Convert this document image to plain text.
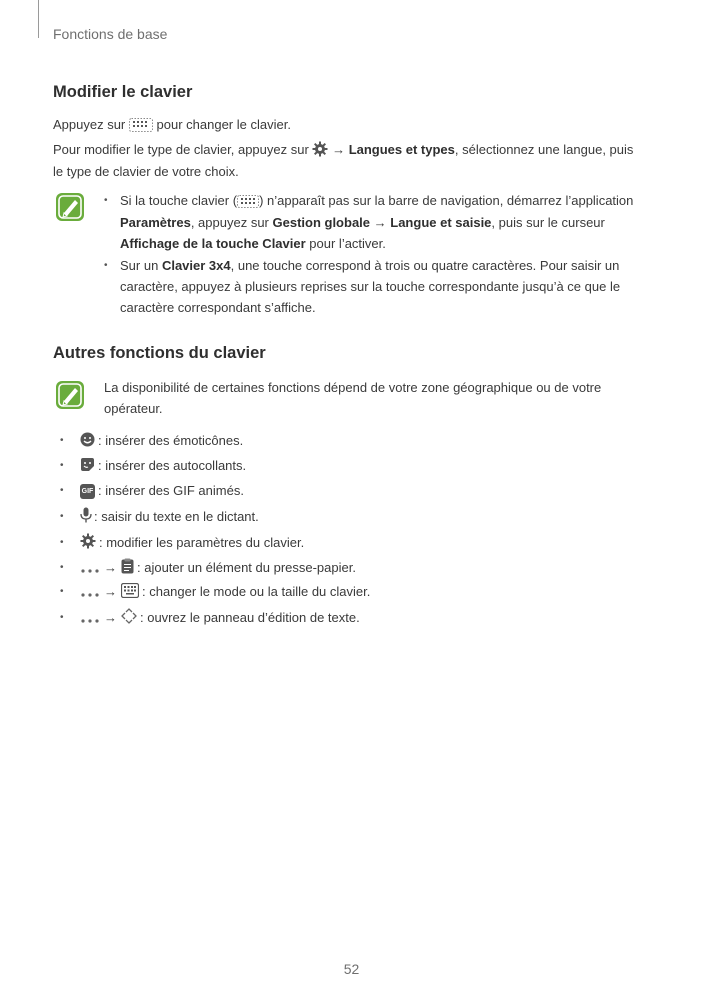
Fonctions de base
Modifier le clavier
Appuyez sur pour changer le clavier.
Pour modifier le type de clavier, appuyez sur → Langues et types, sélectionnez une langue, puis
le type de clavier de votre choix.
• Si la touche clavier ( ) n’apparaît pas sur la barre de navigation, démarrez l’application
Paramètres, appuyez sur Gestion globale → Langue et saisie, puis sur le curseur
Affichage de la touche Clavier pour l’activer.
• Sur un Clavier 3x4, une touche correspond à trois ou quatre caractères. Pour saisir un
caractère, appuyez à plusieurs reprises sur la touche correspondante jusqu’à ce que le
caractère correspondant s’affiche.
Autres fonctions du clavier
La disponibilité de certaines fonctions dépend de votre zone géographique ou de votre
opérateur.
•	: insérer des émoticônes.
•	: insérer des autocollants.
•	GIF : insérer des GIF animés.
•	: saisir du texte en le dictant.
•	: modifier les paramètres du clavier.
•	→ : ajouter un élément du presse-papier.
•	→ : changer le mode ou la taille du clavier.
•	→ : ouvrez le panneau d’édition de texte.
52
